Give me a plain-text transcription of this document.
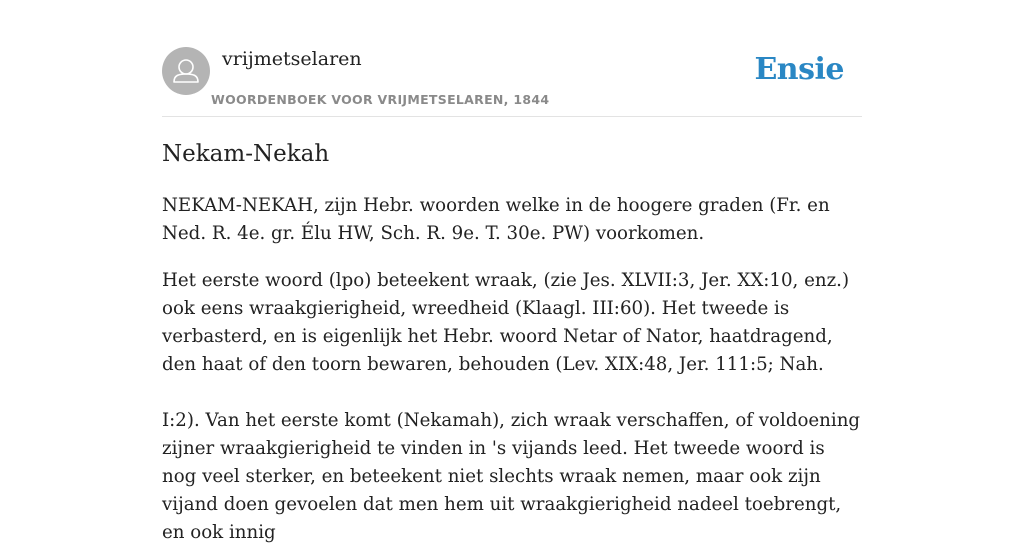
vrijmetselaren
WOORDENBOEK VOOR VRIJMETSELAREN, 1844
Ensie
Nekam-Nekah

NEKAM-NEKAH, zijn Hebr. woorden welke in de hoogere graden (Fr. en Ned. R. 4e. gr. Élu HW, Sch. R. 9e. T. 30e. PW) voorkomen.

Het eerste woord (lpo) beteekent wraak, (zie Jes. XLVII:3, Jer. XX:10, enz.) ook eens wraakgierigheid, wreedheid (Klaagl. III:60). Het tweede is verbasterd, en is eigenlijk het Hebr. woord Netar of Nator, haatdragend, den haat of den toorn bewaren, behouden (Lev. XIX:48, Jer. 111:5; Nah.

I:2). Van het eerste komt (Nekamah), zich wraak verschaffen, of voldoening zijner wraakgierigheid te vinden in 's vijands leed. Het tweede woord is nog veel sterker, en beteekent niet slechts wraak nemen, maar ook zijn vijand doen gevoelen dat men hem uit wraakgierigheid nadeel toebrengt, en ook innig
